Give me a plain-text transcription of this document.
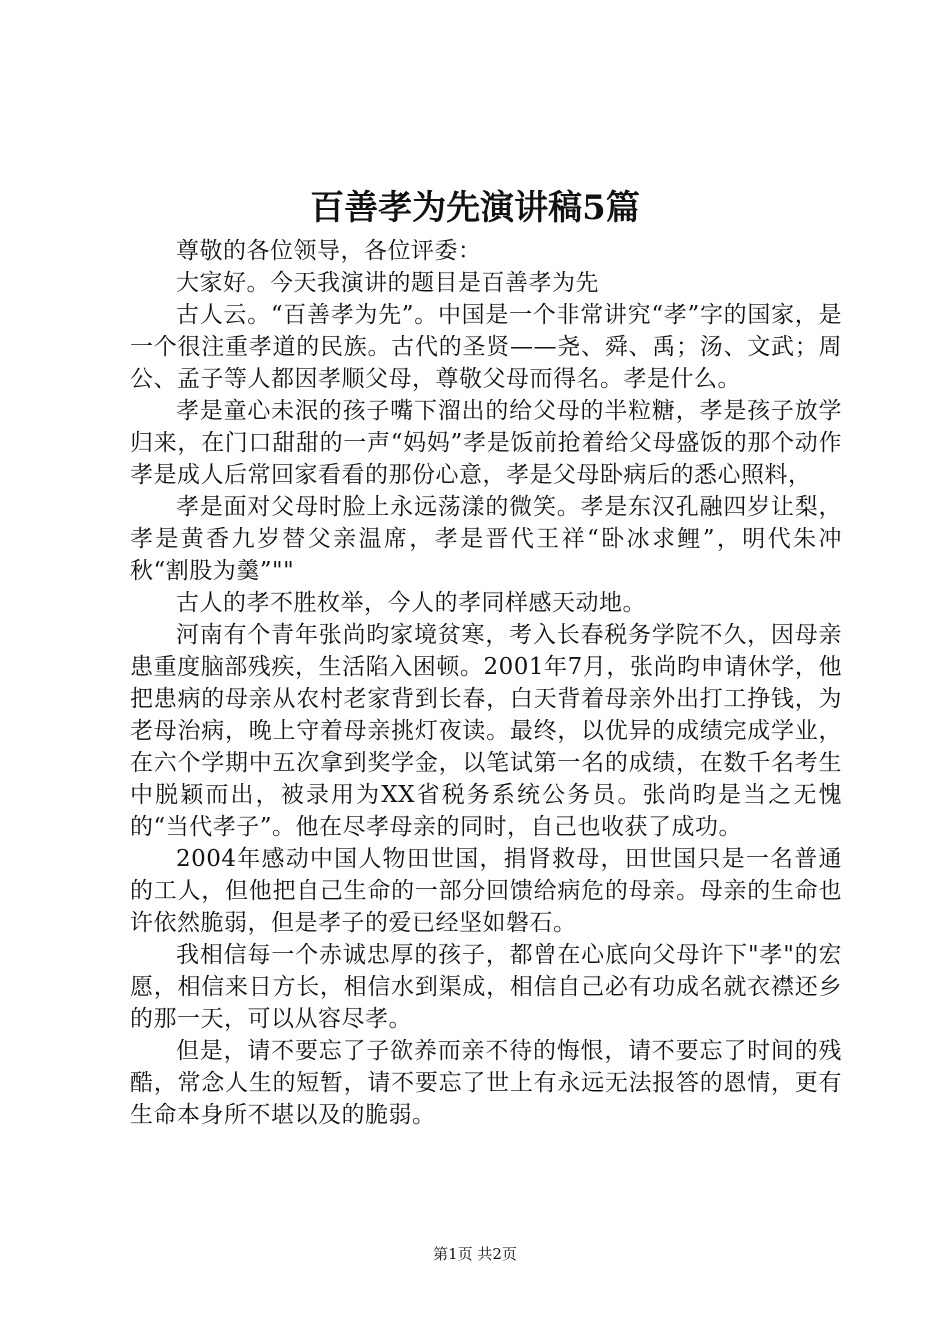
百善孝为先演讲稿5篇

尊敬的各位领导，各位评委：

大家好。今天我演讲的题目是百善孝为先

古人云。“百善孝为先”。中国是一个非常讲究“孝”字的国家，是一个很注重孝道的民族。古代的圣贤——尧、舜、禹；汤、文武；周公、孟子等人都因孝顺父母，尊敬父母而得名。孝是什么。

孝是童心未泯的孩子嘴下溜出的给父母的半粒糖，孝是孩子放学归来，在门口甜甜的一声“妈妈”孝是饭前抢着给父母盛饭的那个动作孝是成人后常回家看看的那份心意，孝是父母卧病后的悉心照料，

孝是面对父母时脸上永远荡漾的微笑。孝是东汉孔融四岁让梨，孝是黄香九岁替父亲温席，孝是晋代王祥“卧冰求鲤”，明代朱冲秋“割股为羹”""

古人的孝不胜枚举，今人的孝同样感天动地。

河南有个青年张尚昀家境贫寒，考入长春税务学院不久，因母亲患重度脑部残疾，生活陷入困顿。2001年7月，张尚昀申请休学，他把患病的母亲从农村老家背到长春，白天背着母亲外出打工挣钱，为老母治病，晚上守着母亲挑灯夜读。最终，以优异的成绩完成学业，在六个学期中五次拿到奖学金，以笔试第一名的成绩，在数千名考生中脱颖而出，被录用为XX省税务系统公务员。张尚昀是当之无愧的“当代孝子”。他在尽孝母亲的同时，自己也收获了成功。

2004年感动中国人物田世国，捐肾救母，田世国只是一名普通的工人，但他把自己生命的一部分回馈给病危的母亲。母亲的生命也许依然脆弱，但是孝子的爱已经坚如磐石。

我相信每一个赤诚忠厚的孩子，都曾在心底向父母许下"孝"的宏愿，相信来日方长，相信水到渠成，相信自己必有功成名就衣襟还乡的那一天，可以从容尽孝。

但是，请不要忘了子欲养而亲不待的悔恨，请不要忘了时间的残酷，常念人生的短暂，请不要忘了世上有永远无法报答的恩情，更有生命本身所不堪以及的脆弱。

第1页 共2页
